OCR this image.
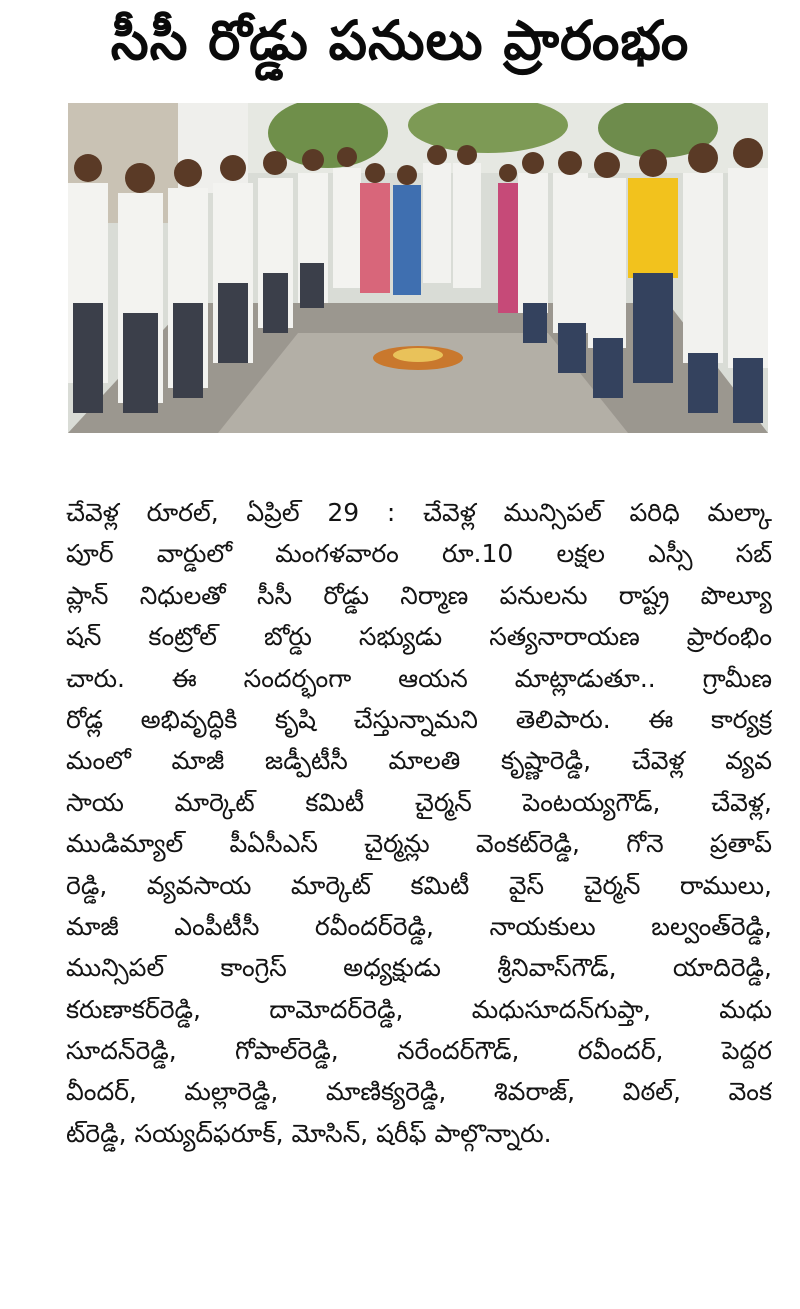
సీసీ రోడ్డు పనులు ప్రారంభం
చేవెళ్ల రూరల్, ఏప్రిల్ 29 : చేవెళ్ల మున్సిపల్ పరిధి మల్కా
పూర్ వార్డులో మంగళవారం రూ.10 లక్షల ఎస్సీ సబ్
ప్లాన్ నిధులతో సీసీ రోడ్డు నిర్మాణ పనులను రాష్ట్ర పొల్యూ
షన్ కంట్రోల్ బోర్డు సభ్యుడు సత్యనారాయణ ప్రారంభిం
చారు. ఈ సందర్భంగా ఆయన మాట్లాడుతూ.. గ్రామీణ
రోడ్ల అభివృద్ధికి కృషి చేస్తున్నామని తెలిపారు. ఈ కార్యక్ర
మంలో మాజీ జడ్పీటీసీ మాలతి కృష్ణారెడ్డి, చేవెళ్ల వ్యవ
సాయ మార్కెట్ కమిటీ చైర్మన్ పెంటయ్యగౌడ్, చేవెళ్ల,
ముడిమ్యాల్ పీఏసీఎస్ చైర్మన్లు వెంకట్‌రెడ్డి, గోనె ప్రతాప్
రెడ్డి, వ్యవసాయ మార్కెట్ కమిటీ వైస్ చైర్మన్ రాములు,
మాజీ ఎంపీటీసీ రవీందర్‌రెడ్డి, నాయకులు బల్వంత్‌రెడ్డి,
మున్సిపల్ కాంగ్రెస్ అధ్యక్షుడు శ్రీనివాస్‌గౌడ్, యాదిరెడ్డి,
కరుణాకర్‌రెడ్డి, దామోదర్‌రెడ్డి, మధుసూదన్‌గుప్తా, మధు
సూదన్‌రెడ్డి, గోపాల్‌రెడ్డి, నరేందర్‌గౌడ్, రవీందర్, పెద్దర
వీందర్, మల్లారెడ్డి, మాణిక్యరెడ్డి, శివరాజ్, విఠల్, వెంక
ట్‌రెడ్డి, సయ్యద్‌ఫరూక్, మోసిన్, షరీఫ్ పాల్గొన్నారు.
